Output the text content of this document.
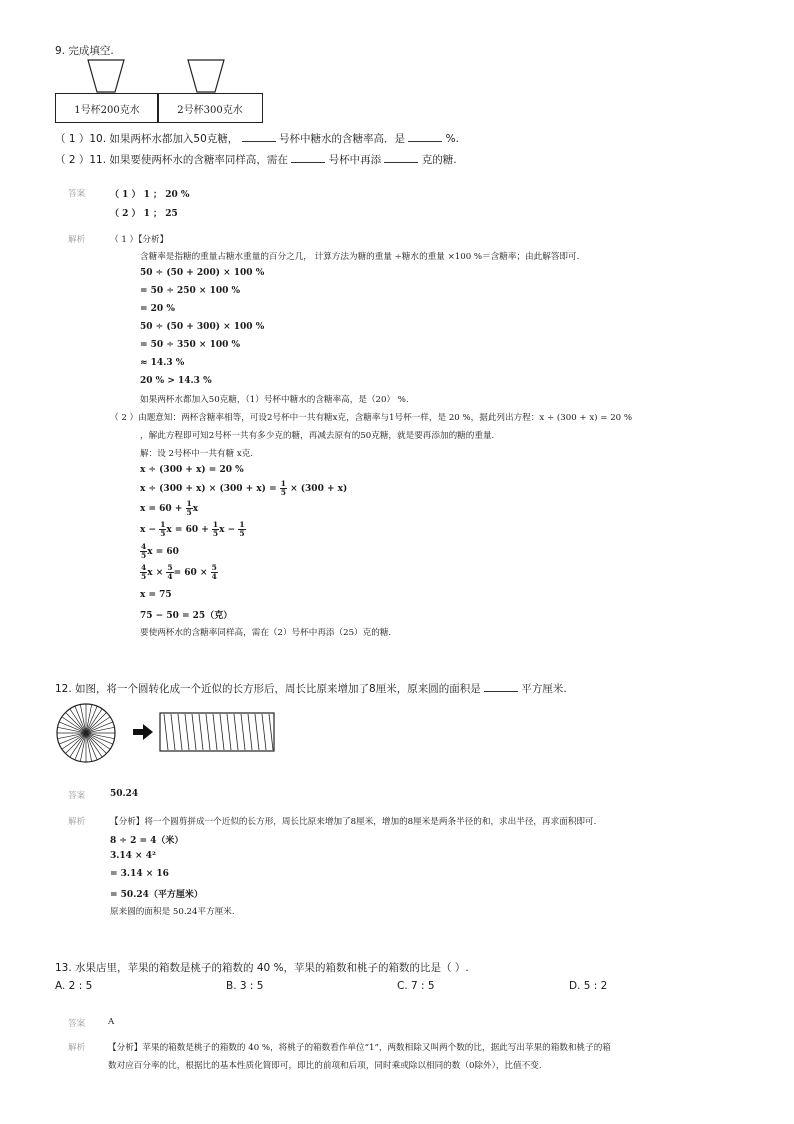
9. 完成填空.
1号杯200克水	2号杯300克水
（ 1 ）10. 如果两杯水都加入50克糖，	号杯中糖水的含糖率高．是	%.
（ 2 ）11. 如果要使两杯水的含糖率同样高，需在	号杯中再添	克的糖.
答案	（ 1 ） 1 ； 20 %
（ 2 ） 1 ； 25
解析	（ 1 ）【分析】
含糖率是指糖的重量占糖水重量的百分之几， 计算方法为糖的重量 ÷糖水的重量 ×100 %＝含糖率；由此解答即可.
50 ÷ (50 + 200) × 100 %
= 50 ÷ 250 × 100 %
= 20 %
50 ÷ (50 + 300) × 100 %
= 50 ÷ 350 × 100 %
≈ 14.3 %
20 % > 14.3 %
如果两杯水都加入50克糖，（1）号杯中糖水的含糖率高，是（20） %.
（ 2 ）由题意知：两杯含糖率相等，可设2号杯中一共有糖x克，含糖率与1号杯一样，是 20 %，据此列出方程：x ÷ (300 + x) = 20 %
，解此方程即可知2号杯一共有多少克的糖，再减去原有的50克糖，就是要再添加的糖的重量.
解：设 2号杯中一共有糖 x克.
x ÷ (300 + x) = 20 %
$x \div (300 + x) \times (300 + x) = \frac{1}{5} \times (300 + x)$
$x = 60 + \frac{1}{5}$ x
$x - \frac{1}{5}$ $x = 60 + \frac{1}{5}$ $x - \frac{1}{5}$
$\frac{4}{5}$ x = 60
$\frac{4}{5}$ $x \times \frac{5}{4} = 60 \times \frac{5}{4}$
x = 75
75 − 50 = 25（克）
要使两杯水的含糖率同样高，需在（2）号杯中再添（25）克的糖.
12. 如图，将一个圆转化成一个近似的长方形后，周长比原来增加了8厘米，原来圆的面积是	平方厘米.
答案	50.24
解析	【分析】将一个圆剪拼成一个近似的长方形，周长比原来增加了8厘米，增加的8厘米是两条半径的和，求出半径，再求面积即可.
8 ÷ 2 = 4（米）
3.14 × 4²
= 3.14 × 16
= 50.24（平方厘米）
原来圆的面积是 50.24平方厘米.
13. 水果店里，苹果的箱数是桃子的箱数的 40 %，苹果的箱数和桃子的箱数的比是（ ）.
A. 2 : 5	B. 3 : 5	C. 7 : 5	D. 5 : 2
答案	A
解析	【分析】苹果的箱数是桃子的箱数的 40 %，将桃子的箱数看作单位“1”，两数相除又叫两个数的比，据此写出苹果的箱数和桃子的箱
数对应百分率的比，根据比的基本性质化简即可，即比的前项和后项，同时乘或除以相同的数（0除外），比值不变.
